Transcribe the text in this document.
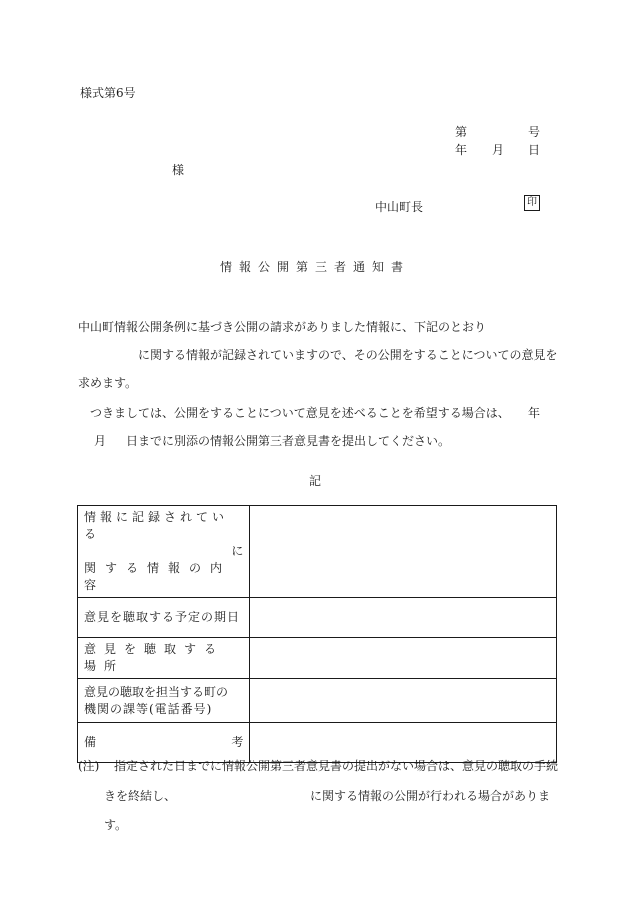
様式第6号
第	号
年 月 日
様
中山町長	印
情報公開第三者通知書
中山町情報公開条例に基づき公開の請求がありました情報に、下記のとおり
に関する情報が記録されていますので、その公開をすることについての意見を
求めます。
つきましては、公開をすることについて意見を述べることを希望する場合は、 年
月 日までに別添の情報公開第三者意見書を提出してください。
記
情報に記録されている
に
関する情報の内容	

意見を聴取する予定の期日	

意見を聴取する場所	

意見の聴取を担当する町の
機関の課等(電話番号)	

備 考	

(注) 指定された日までに情報公開第三者意見書の提出がない場合は、意見の聴取の手続
きを終結し、	に関する情報の公開が行われる場合がありま
す。
